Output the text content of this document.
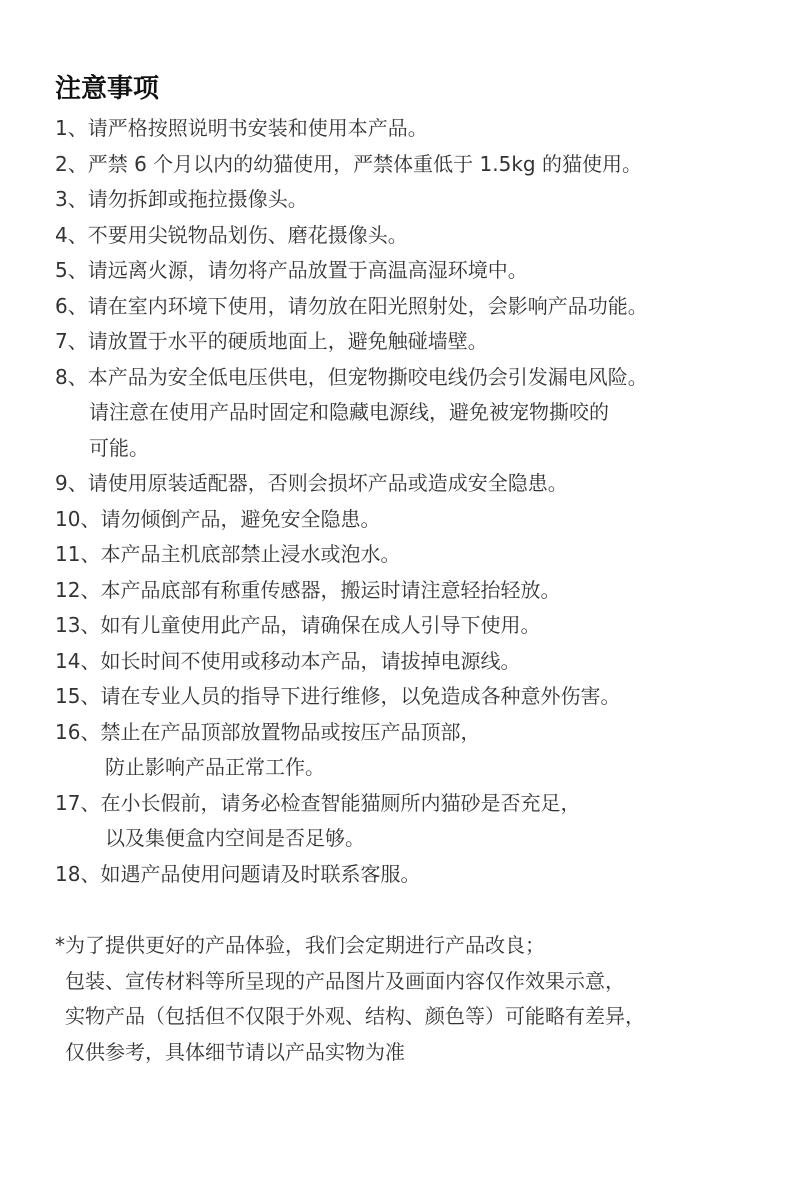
注意事项
1、请严格按照说明书安装和使用本产品。
2、严禁 6 个月以内的幼猫使用，严禁体重低于 1.5kg 的猫使用。
3、请勿拆卸或拖拉摄像头。
4、不要用尖锐物品划伤、磨花摄像头。
5、请远离火源，请勿将产品放置于高温高湿环境中。
6、请在室内环境下使用，请勿放在阳光照射处，会影响产品功能。
7、请放置于水平的硬质地面上，避免触碰墙壁。
8、本产品为安全低电压供电，但宠物撕咬电线仍会引发漏电风险。
请注意在使用产品时固定和隐藏电源线，避免被宠物撕咬的
可能。
9、请使用原装适配器，否则会损坏产品或造成安全隐患。
10、请勿倾倒产品，避免安全隐患。
11、本产品主机底部禁止浸水或泡水。
12、本产品底部有称重传感器，搬运时请注意轻抬轻放。
13、如有儿童使用此产品，请确保在成人引导下使用。
14、如长时间不使用或移动本产品，请拔掉电源线。
15、请在专业人员的指导下进行维修，以免造成各种意外伤害。
16、禁止在产品顶部放置物品或按压产品顶部，
防止影响产品正常工作。
17、在小长假前，请务必检查智能猫厕所内猫砂是否充足，
以及集便盒内空间是否足够。
18、如遇产品使用问题请及时联系客服。
*为了提供更好的产品体验，我们会定期进行产品改良；
包装、宣传材料等所呈现的产品图片及画面内容仅作效果示意，
实物产品（包括但不仅限于外观、结构、颜色等）可能略有差异，
仅供参考，具体细节请以产品实物为准
